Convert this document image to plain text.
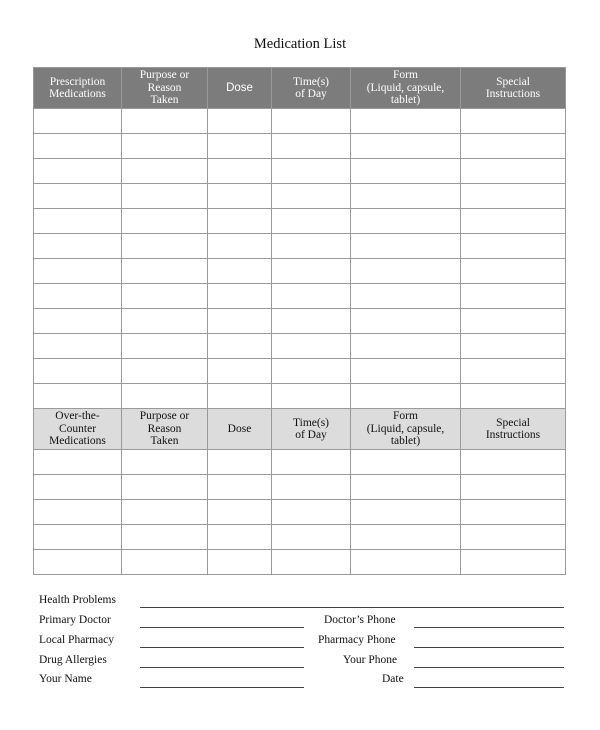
Medication List
Prescription
Medications	Purpose or
Reason
Taken	Dose	Time(s)
of Day	Form
(Liquid, capsule,
tablet)	Special
Instructions

Over-the-
Counter
Medications	Purpose or
Reason
Taken	Dose	Time(s)
of Day	Form
(Liquid, capsule,
tablet)	Special
Instructions

Health Problems
Primary Doctor	Doctor’s Phone
Local Pharmacy	Pharmacy Phone
Drug Allergies	Your Phone
Your Name	Date
